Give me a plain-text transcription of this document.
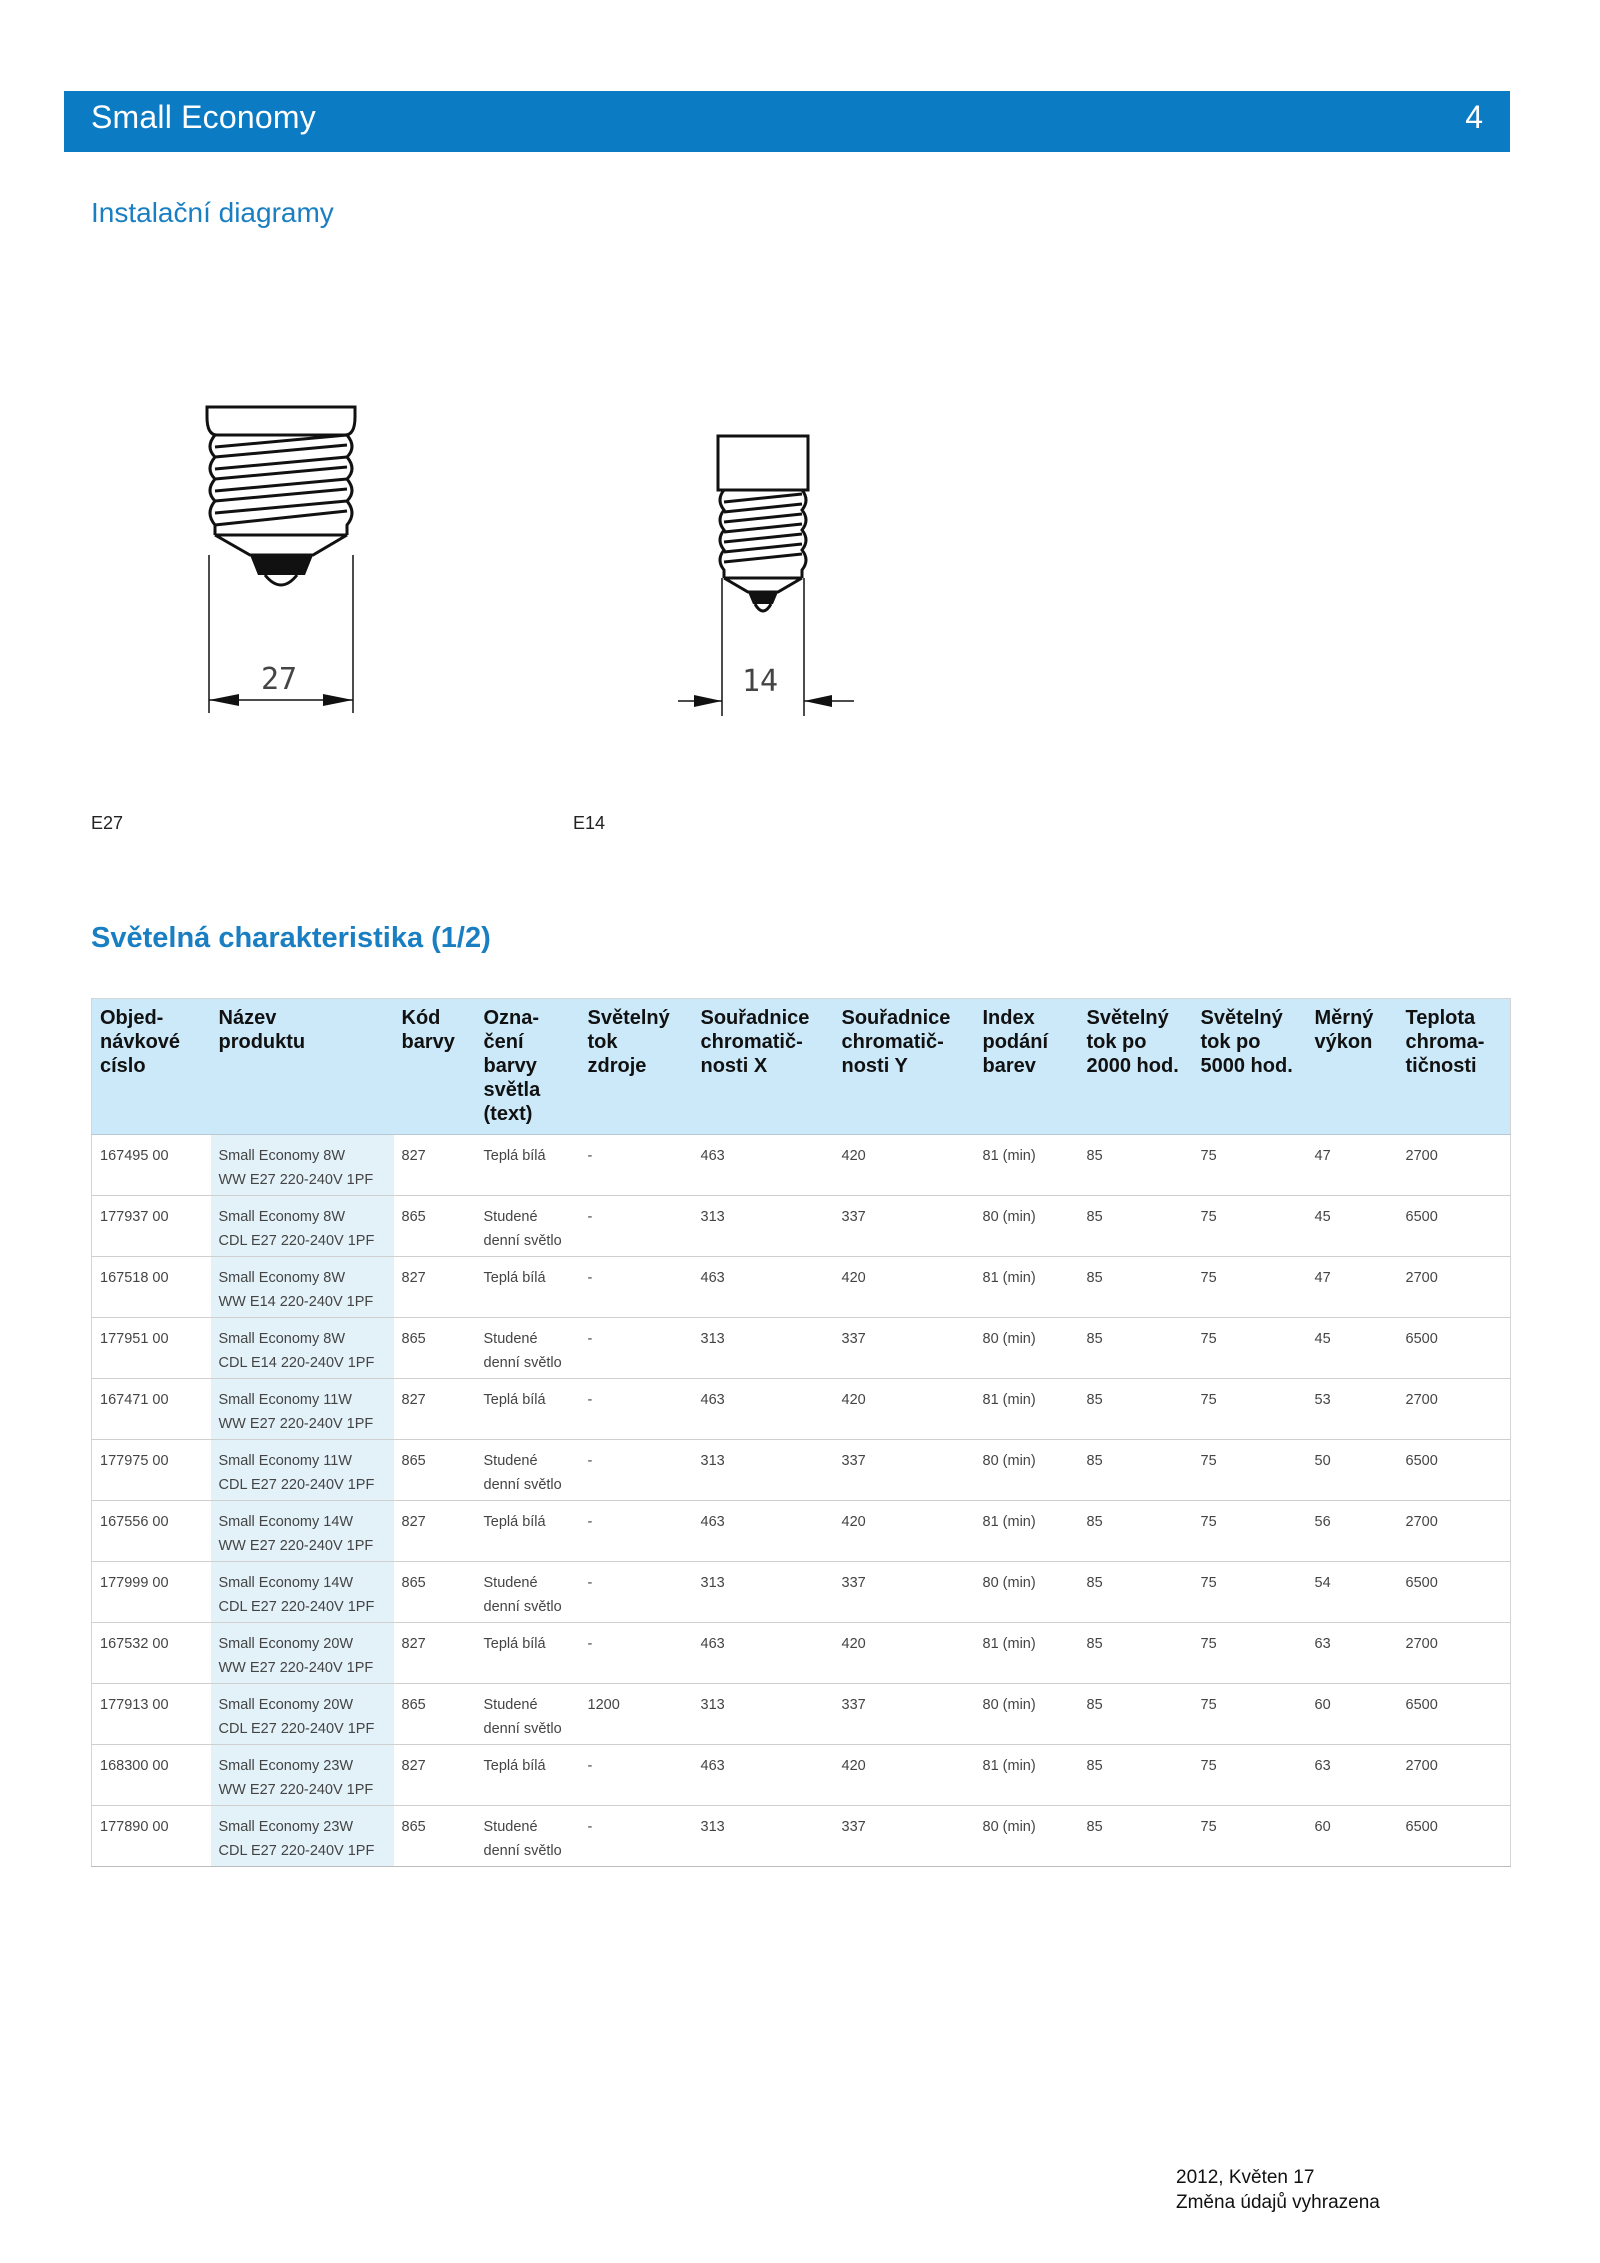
Small Economy	4
Instalační diagramy
27	14
E27	E14
Světelná charakteristika (1/2)
Objed-
návkové
císlo	Název
produktu	Kód
barvy	Ozna-
čení
barvy
světla
(text)	Světelný
tok
zdroje	Souřadnice
chromatič-
nosti X	Souřadnice
chromatič-
nosti Y	Index
podání
barev	Světelný
tok po
2000 hod.	Světelný
tok po
5000 hod.	Měrný
výkon	Teplota
chroma-
tičnosti
167495 00	Small Economy 8W
WW E27 220-240V 1PF	827	Teplá bílá	-	463	420	81 (min)	85	75	47	2700
177937 00	Small Economy 8W
CDL E27 220-240V 1PF	865	Studené
denní světlo	-	313	337	80 (min)	85	75	45	6500
167518 00	Small Economy 8W
WW E14 220-240V 1PF	827	Teplá bílá	-	463	420	81 (min)	85	75	47	2700
177951 00	Small Economy 8W
CDL E14 220-240V 1PF	865	Studené
denní světlo	-	313	337	80 (min)	85	75	45	6500
167471 00	Small Economy 11W
WW E27 220-240V 1PF	827	Teplá bílá	-	463	420	81 (min)	85	75	53	2700
177975 00	Small Economy 11W
CDL E27 220-240V 1PF	865	Studené
denní světlo	-	313	337	80 (min)	85	75	50	6500
167556 00	Small Economy 14W
WW E27 220-240V 1PF	827	Teplá bílá	-	463	420	81 (min)	85	75	56	2700
177999 00	Small Economy 14W
CDL E27 220-240V 1PF	865	Studené
denní světlo	-	313	337	80 (min)	85	75	54	6500
167532 00	Small Economy 20W
WW E27 220-240V 1PF	827	Teplá bílá	-	463	420	81 (min)	85	75	63	2700
177913 00	Small Economy 20W
CDL E27 220-240V 1PF	865	Studené
denní světlo	1200	313	337	80 (min)	85	75	60	6500
168300 00	Small Economy 23W
WW E27 220-240V 1PF	827	Teplá bílá	-	463	420	81 (min)	85	75	63	2700
177890 00	Small Economy 23W
CDL E27 220-240V 1PF	865	Studené
denní světlo	-	313	337	80 (min)	85	75	60	6500
2012, Květen 17
Změna údajů vyhrazena
